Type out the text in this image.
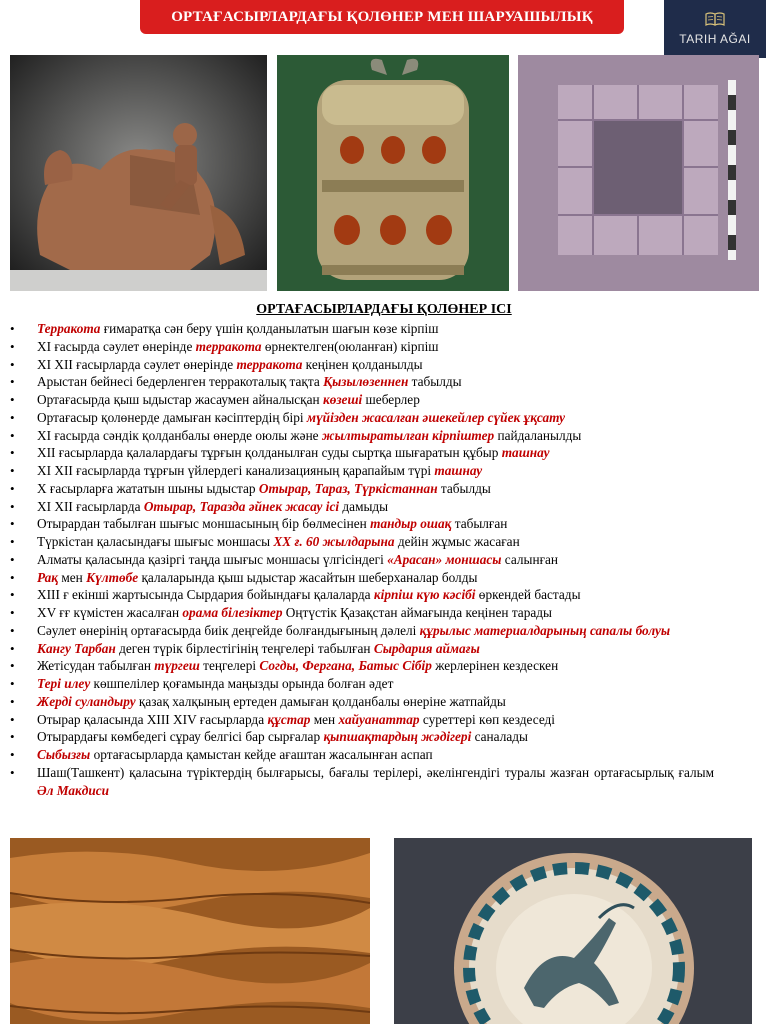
ОРТАҒАСЫРЛАРДАҒЫ ҚОЛӨНЕР МЕН ШАРУАШЫЛЫҚ
TARIH AĞAI
ОРТАҒАСЫРЛАРДАҒЫ ҚОЛӨНЕР ІСІ
• Терракота ғимаратқа сән беру үшін қолданылатын шағын көзе кірпіш
• XI ғасырда сәулет өнерінде терракота өрнектелген(оюланған) кірпіш
• XI XII ғасырларда сәулет өнерінде терракота кеңінен қолданылды
• Арыстан бейнесі бедерленген терракоталық тақта Қызылөзеннен табылды
• Ортағасырда қыш ыдыстар жасаумен айналысқан көзеші шеберлер
• Ортағасыр қолөнерде дамыған кәсіптердің бірі мүйізден жасалған әшекейлер сүйек ұқсату
• XI ғасырда сәндік қолданбалы өнерде оюлы және жылтыратылған кірпіштер пайдаланылды
• XII ғасырларда қалалардағы тұрғын қолданылған суды сыртқа шығаратын құбыр ташнау
• XI XII ғасырларда тұрғын үйлердегі канализацияның қарапайым түрі ташнау
• X ғасырларға жататын шыны ыдыстар Отырар, Тараз, Түркістаннан табылды
• XI XII ғасырларда Отырар, Таразда әйнек жасау ісі дамыды
• Отырардан табылған шығыс моншасының бір бөлмесінен тандыр ошақ табылған
• Түркістан қаласындағы шығыс моншасы XX ғ. 60 жылдарына дейін жұмыс жасаған
• Алматы қаласында қазіргі таңда шығыс моншасы үлгісіндегі «Арасан» моншасы салынған
• Рақ мен Күлтөбе қалаларында қыш ыдыстар жасайтын шеберханалар болды
• XIII ғ екінші жартысында Сырдария бойындағы қалаларда кірпіш күю кәсібі өркендей бастады
• XV ғғ күмістен жасалған орама білезіктер Оңтүстік Қазақстан аймағында кеңінен тарады
• Сәулет өнерінің ортағасырда биік деңгейде болғандығының дәлелі құрылыс материалдарының сапалы болуы
• Кангу Тарбан деген түрік бірлестігінің теңгелері табылған Сырдария аймағы
• Жетісудан табылған түргеш теңгелері Согды, Фергана, Батыс Сібір жерлерінен кездескен
• Тері илеу көшпелілер қоғамында маңызды орында болған әдет
• Жерді суландыру қазақ халқының ертеден дамыған қолданбалы өнеріне жатпайды
• Отырар қаласында XIII XIV ғасырларда құстар мен хайуанаттар суреттері көп кездеседі
• Отырардағы көмбедегі сұрау белгісі бар сырғалар қыпшақтардың жәдігері саналады
• Сыбызғы ортағасырларда қамыстан кейде ағаштан жасалынған аспап
• Шаш(Ташкент) қаласына түріктердің былғарысы, бағалы терілері, әкелінгендігі туралы жазған ортағасырлық ғалым Әл Макдиси
